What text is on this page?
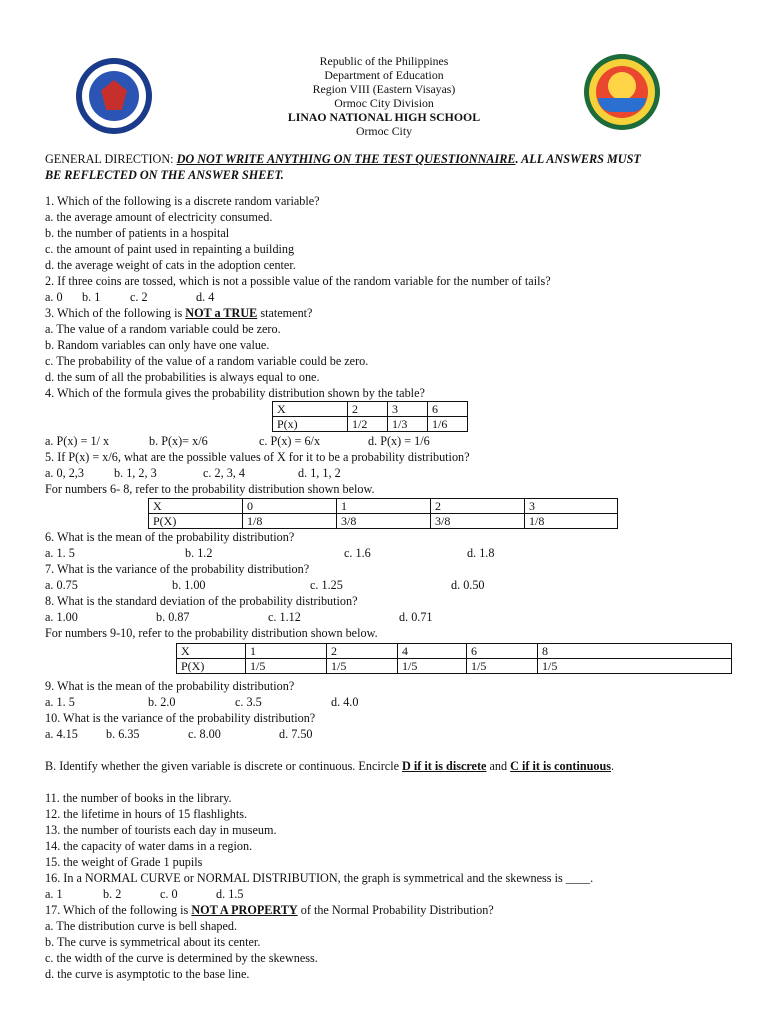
Republic of the Philippines
Department of Education
Region VIII (Eastern Visayas)
Ormoc City Division
LINAO NATIONAL HIGH SCHOOL
Ormoc City
GENERAL DIRECTION: DO NOT WRITE ANYTHING ON THE TEST QUESTIONNAIRE. ALL ANSWERS MUST
BE REFLECTED ON THE ANSWER SHEET.
1. Which of the following is a discrete random variable?
a. the average amount of electricity consumed.
b. the number of patients in a hospital
c. the amount of paint used in repainting a building
d. the average weight of cats in the adoption center.
2. If three coins are tossed, which is not a possible value of the random variable for the number of tails?
a. 0 b. 1 c. 2	d. 4
3. Which of the following is NOT a TRUE statement?
a. The value of a random variable could be zero.
b. Random variables can only have one value.
c. The probability of the value of a random variable could be zero.
d. the sum of all the probabilities is always equal to one.
4. Which of the formula gives the probability distribution shown by the table?
X	2	3	6
P(x)	1/2	1/3	1/6
a. P(x) = 1/ x	b. P(x)= x/6	c. P(x) = 6/x	d. P(x) = 1/6
5. If P(x) = x/6, what are the possible values of X for it to be a probability distribution?
a. 0, 2,3 b. 1, 2, 3	c. 2, 3, 4	d. 1, 1, 2
For numbers 6- 8, refer to the probability distribution shown below.
X	0	1	2	3
P(X)	1/8	3/8	3/8	1/8
6. What is the mean of the probability distribution?
a. 1. 5	b. 1.2	c. 1.6	d. 1.8
7. What is the variance of the probability distribution?
a. 0.75	b. 1.00	c. 1.25	d. 0.50
8. What is the standard deviation of the probability distribution?
a. 1.00	b. 0.87	c. 1.12	d. 0.71
For numbers 9-10, refer to the probability distribution shown below.
X	1	2	4	6	8
P(X)	1/5	1/5	1/5	1/5	1/5
9. What is the mean of the probability distribution?
a. 1. 5	b. 2.0	c. 3.5	d. 4.0
10. What is the variance of the probability distribution?
a. 4.15 b. 6.35	c. 8.00	d. 7.50
B. Identify whether the given variable is discrete or continuous. Encircle D if it is discrete and C if it is continuous.
11. the number of books in the library.
12. the lifetime in hours of 15 flashlights.
13. the number of tourists each day in museum.
14. the capacity of water dams in a region.
15. the weight of Grade 1 pupils
16. In a NORMAL CURVE or NORMAL DISTRIBUTION, the graph is symmetrical and the skewness is ____.
a. 1	b. 2	c. 0	d. 1.5
17. Which of the following is NOT A PROPERTY of the Normal Probability Distribution?
a. The distribution curve is bell shaped.
b. The curve is symmetrical about its center.
c. the width of the curve is determined by the skewness.
d. the curve is asymptotic to the base line.
